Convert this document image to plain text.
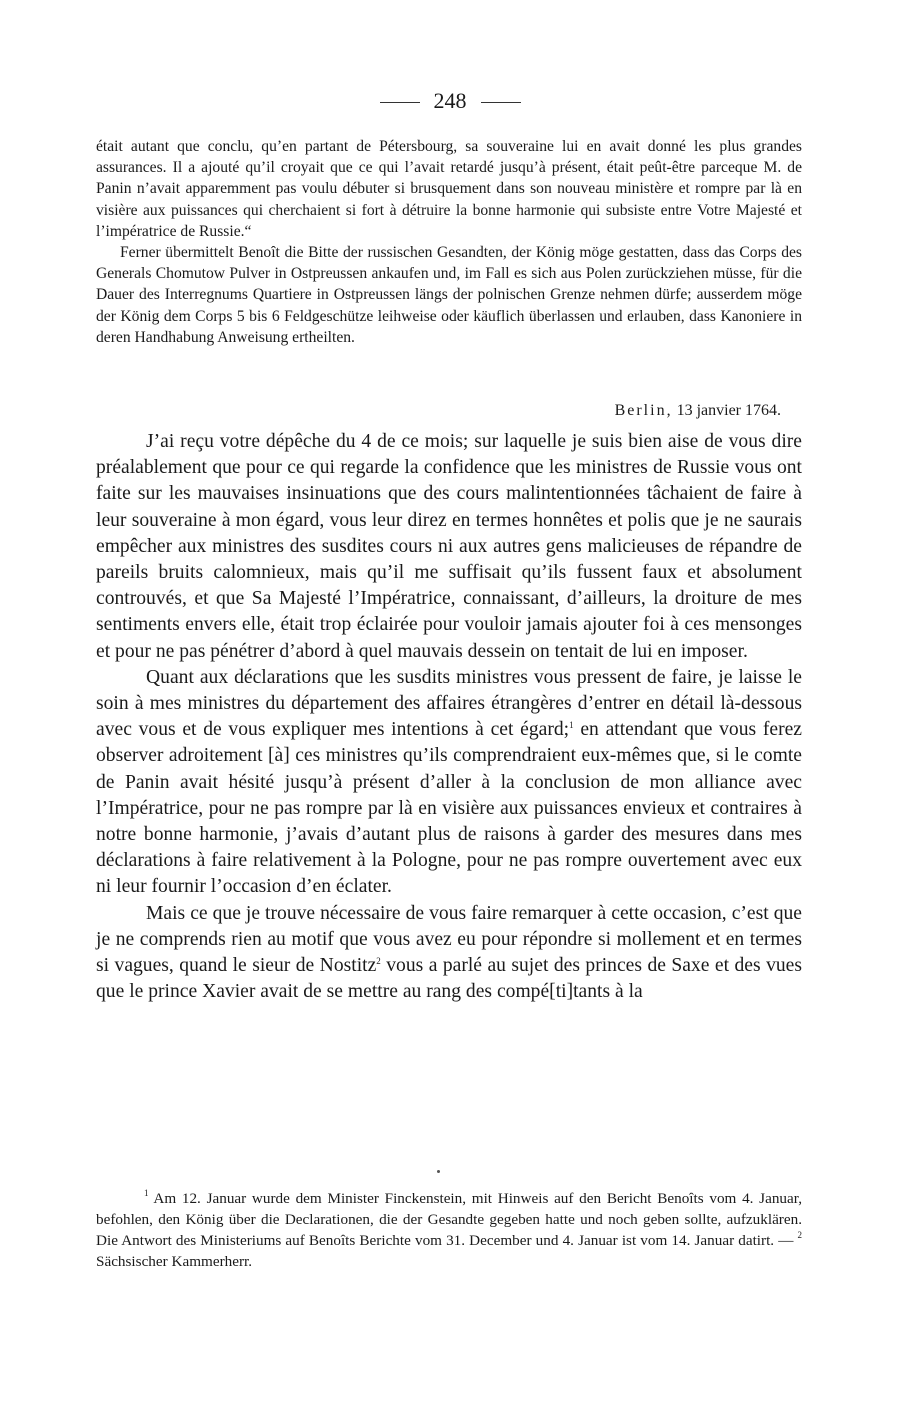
248

était autant que conclu, qu’en partant de Pétersbourg, sa souveraine lui en avait donné les plus grandes assurances. Il a ajouté qu’il croyait que ce qui l’avait retardé jusqu’à présent, était peût-être parceque M. de Panin n’avait apparemment pas voulu débuter si brusquement dans son nouveau ministère et rompre par là en visière aux puissances qui cherchaient si fort à détruire la bonne harmonie qui subsiste entre Votre Majesté et l’impératrice de Russie.“

Ferner übermittelt Benoît die Bitte der russischen Gesandten, der König möge gestatten, dass das Corps des Generals Chomutow Pulver in Ostpreussen ankaufen und, im Fall es sich aus Polen zurückziehen müsse, für die Dauer des Interregnums Quartiere in Ostpreussen längs der polnischen Grenze nehmen dürfe; ausserdem möge der König dem Corps 5 bis 6 Feldgeschütze leihweise oder käuflich überlassen und erlauben, dass Kanoniere in deren Handhabung Anweisung ertheilten.

Berlin, 13 janvier 1764.

J’ai reçu votre dépêche du 4 de ce mois; sur laquelle je suis bien aise de vous dire préalablement que pour ce qui regarde la confidence que les ministres de Russie vous ont faite sur les mauvaises insinuations que des cours malintentionnées tâchaient de faire à leur souveraine à mon égard, vous leur direz en termes honnêtes et polis que je ne saurais empêcher aux ministres des susdites cours ni aux autres gens malicieuses de répandre de pareils bruits calomnieux, mais qu’il me suffisait qu’ils fussent faux et absolument controuvés, et que Sa Majesté l’Impératrice, connaissant, d’ailleurs, la droiture de mes sentiments envers elle, était trop éclairée pour vouloir jamais ajouter foi à ces mensonges et pour ne pas pénétrer d’abord à quel mauvais dessein on tentait de lui en imposer.

Quant aux déclarations que les susdits ministres vous pressent de faire, je laisse le soin à mes ministres du département des affaires étrangères d’entrer en détail là-dessous avec vous et de vous expliquer mes intentions à cet égard;$^1$ en attendant que vous ferez observer adroitement [à] ces ministres qu’ils comprendraient eux-mêmes que, si le comte de Panin avait hésité jusqu’à présent d’aller à la conclusion de mon alliance avec l’Impératrice, pour ne pas rompre par là en visière aux puissances envieux et contraires à notre bonne harmonie, j’avais d’autant plus de raisons à garder des mesures dans mes déclarations à faire relativement à la Pologne, pour ne pas rompre ouvertement avec eux ni leur fournir l’occasion d’en éclater.

Mais ce que je trouve nécessaire de vous faire remarquer à cette occasion, c’est que je ne comprends rien au motif que vous avez eu pour répondre si mollement et en termes si vagues, quand le sieur de Nostitz$^2$ vous a parlé au sujet des princes de Saxe et des vues que le prince Xavier avait de se mettre au rang des compé[ti]tants à la

$^1$ Am 12. Januar wurde dem Minister Finckenstein, mit Hinweis auf den Bericht Benoîts vom 4. Januar, befohlen, den König über die Declarationen, die der Gesandte gegeben hatte und noch geben sollte, aufzuklären. Die Antwort des Ministeriums auf Benoîts Berichte vom 31. December und 4. Januar ist vom 14. Januar datirt. — $^2$ Sächsischer Kammerherr.
